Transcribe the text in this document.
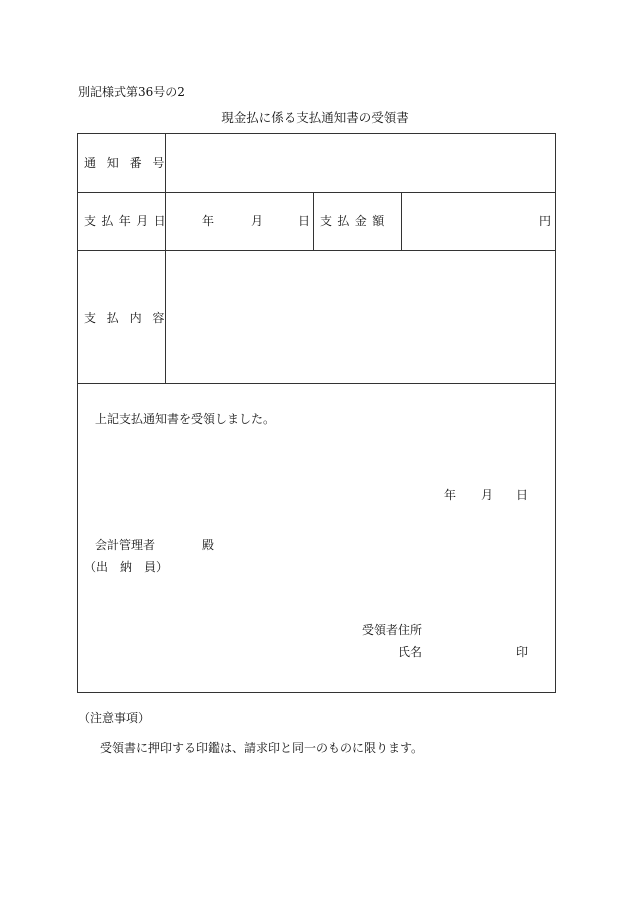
別記様式第36号の2
現金払に係る支払通知書の受領書
通知番号
支払年月日	年	月	日 支払金額	円
支払内容
上記支払通知書を受領しました。
年 月 日
会計管理者	殿
（出　納　員）
受領者住所
氏名	印
（注意事項）
受領書に押印する印鑑は、請求印と同一のものに限ります。
